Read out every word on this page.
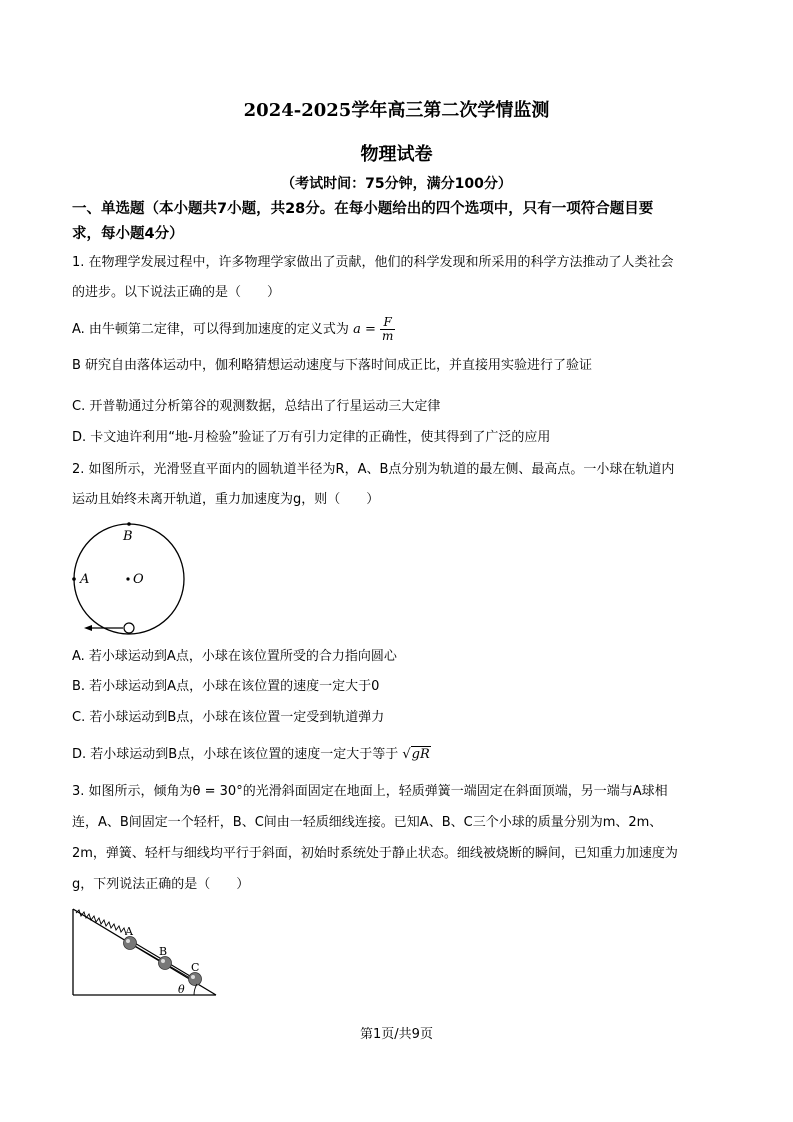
2024-2025学年高三第二次学情监测
物理试卷
（考试时间：75分钟，满分100分）
一、单选题（本小题共7小题，共28分。在每小题给出的四个选项中，只有一项符合题目要
求，每小题4分）
1. 在物理学发展过程中，许多物理学家做出了贡献，他们的科学发现和所采用的科学方法推动了人类社会
的进步。以下说法正确的是（　　）
A. 由牛顿第二定律，可以得到加速度的定义式为 $a = \frac{F}{m}$
B 研究自由落体运动中，伽利略猜想运动速度与下落时间成正比，并直接用实验进行了验证
C. 开普勒通过分析第谷的观测数据，总结出了行星运动三大定律
D. 卡文迪许利用“地-月检验”验证了万有引力定律的正确性，使其得到了广泛的应用
2. 如图所示，光滑竖直平面内的圆轨道半径为R，A、B点分别为轨道的最左侧、最高点。一小球在轨道内
运动且始终未离开轨道，重力加速度为g，则（　　）
B
A	O
A. 若小球运动到A点，小球在该位置所受的合力指向圆心
B. 若小球运动到A点，小球在该位置的速度一定大于0
C. 若小球运动到B点，小球在该位置一定受到轨道弹力
D. 若小球运动到B点，小球在该位置的速度一定大于等于 √gR
3. 如图所示，倾角为θ = 30°的光滑斜面固定在地面上，轻质弹簧一端固定在斜面顶端，另一端与A球相
连，A、B间固定一个轻杆，B、C间由一轻质细线连接。已知A、B、C三个小球的质量分别为m、2m、
2m，弹簧、轻杆与细线均平行于斜面，初始时系统处于静止状态。细线被烧断的瞬间，已知重力加速度为
g，下列说法正确的是（　　）
A
B
C
θ
第1页/共9页
